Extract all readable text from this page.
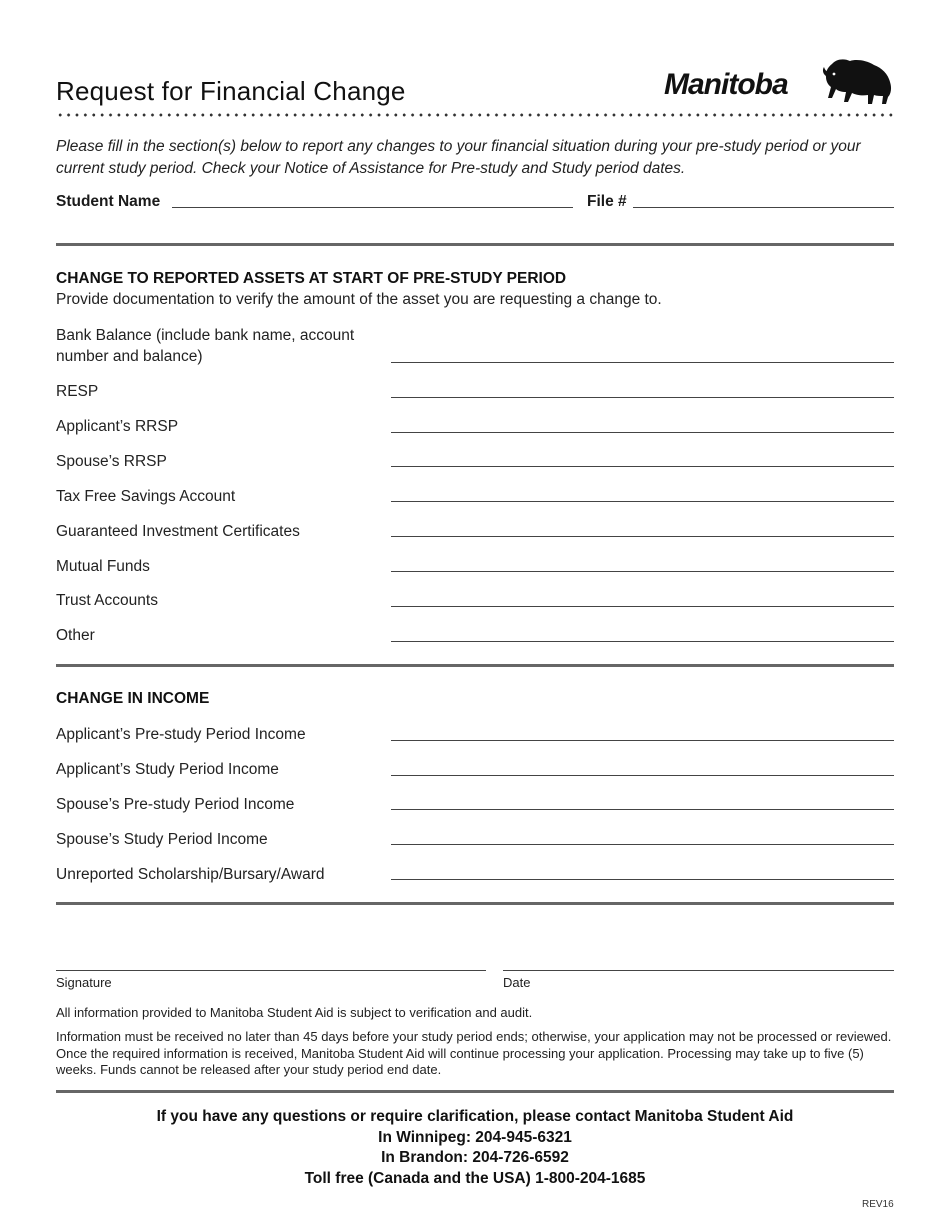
Request for Financial Change	Manitoba
Please fill in the section(s) below to report any changes to your financial situation during your pre-study period or your current study period. Check your Notice of Assistance for Pre-study and Study period dates.
Student Name	File #
CHANGE TO REPORTED ASSETS AT START OF PRE-STUDY PERIOD
Provide documentation to verify the amount of the asset you are requesting a change to.
Bank Balance (include bank name, account number and balance)
RESP
Applicant’s RRSP
Spouse’s RRSP
Tax Free Savings Account
Guaranteed Investment Certificates
Mutual Funds
Trust Accounts
Other
CHANGE IN INCOME
Applicant’s Pre-study Period Income
Applicant’s Study Period Income
Spouse’s Pre-study Period Income
Spouse’s Study Period Income
Unreported Scholarship/Bursary/Award
Signature	Date
All information provided to Manitoba Student Aid is subject to verification and audit.
Information must be received no later than 45 days before your study period ends; otherwise, your application may not be processed or reviewed. Once the required information is received, Manitoba Student Aid will continue processing your application. Processing may take up to five (5) weeks. Funds cannot be released after your study period end date.
If you have any questions or require clarification, please contact Manitoba Student Aid
In Winnipeg: 204-945-6321
In Brandon: 204-726-6592
Toll free (Canada and the USA) 1-800-204-1685
REV16
